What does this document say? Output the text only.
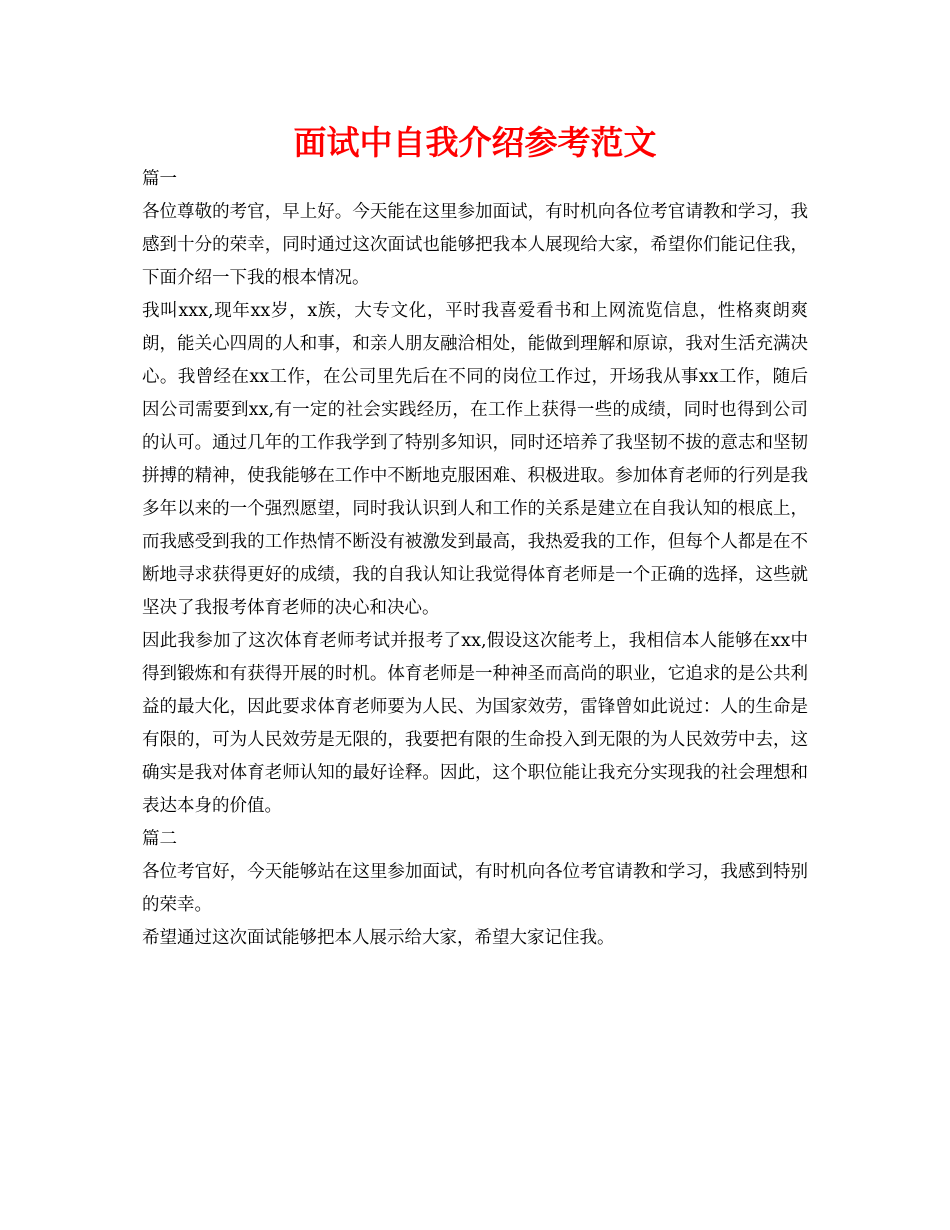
面试中自我介绍参考范文

篇一

各位尊敬的考官，早上好。今天能在这里参加面试，有时机向各位考官请教和学习，我感到十分的荣幸，同时通过这次面试也能够把我本人展现给大家，希望你们能记住我，下面介绍一下我的根本情况。

我叫xxx,现年xx岁，x族，大专文化，平时我喜爱看书和上网流览信息，性格爽朗爽朗，能关心四周的人和事，和亲人朋友融洽相处，能做到理解和原谅，我对生活充满决心。我曾经在xx工作，在公司里先后在不同的岗位工作过，开场我从事xx工作，随后因公司需要到xx,有一定的社会实践经历，在工作上获得一些的成绩，同时也得到公司的认可。通过几年的工作我学到了特别多知识，同时还培养了我坚韧不拔的意志和坚韧拼搏的精神，使我能够在工作中不断地克服困难、积极进取。参加体育老师的行列是我多年以来的一个强烈愿望，同时我认识到人和工作的关系是建立在自我认知的根底上，而我感受到我的工作热情不断没有被激发到最高，我热爱我的工作，但每个人都是在不断地寻求获得更好的成绩，我的自我认知让我觉得体育老师是一个正确的选择，这些就坚决了我报考体育老师的决心和决心。

因此我参加了这次体育老师考试并报考了xx,假设这次能考上，我相信本人能够在xx中得到锻炼和有获得开展的时机。体育老师是一种神圣而高尚的职业，它追求的是公共利益的最大化，因此要求体育老师要为人民、为国家效劳，雷锋曾如此说过：人的生命是有限的，可为人民效劳是无限的，我要把有限的生命投入到无限的为人民效劳中去，这确实是我对体育老师认知的最好诠释。因此，这个职位能让我充分实现我的社会理想和表达本身的价值。

篇二

各位考官好，今天能够站在这里参加面试，有时机向各位考官请教和学习，我感到特别的荣幸。

希望通过这次面试能够把本人展示给大家，希望大家记住我。
